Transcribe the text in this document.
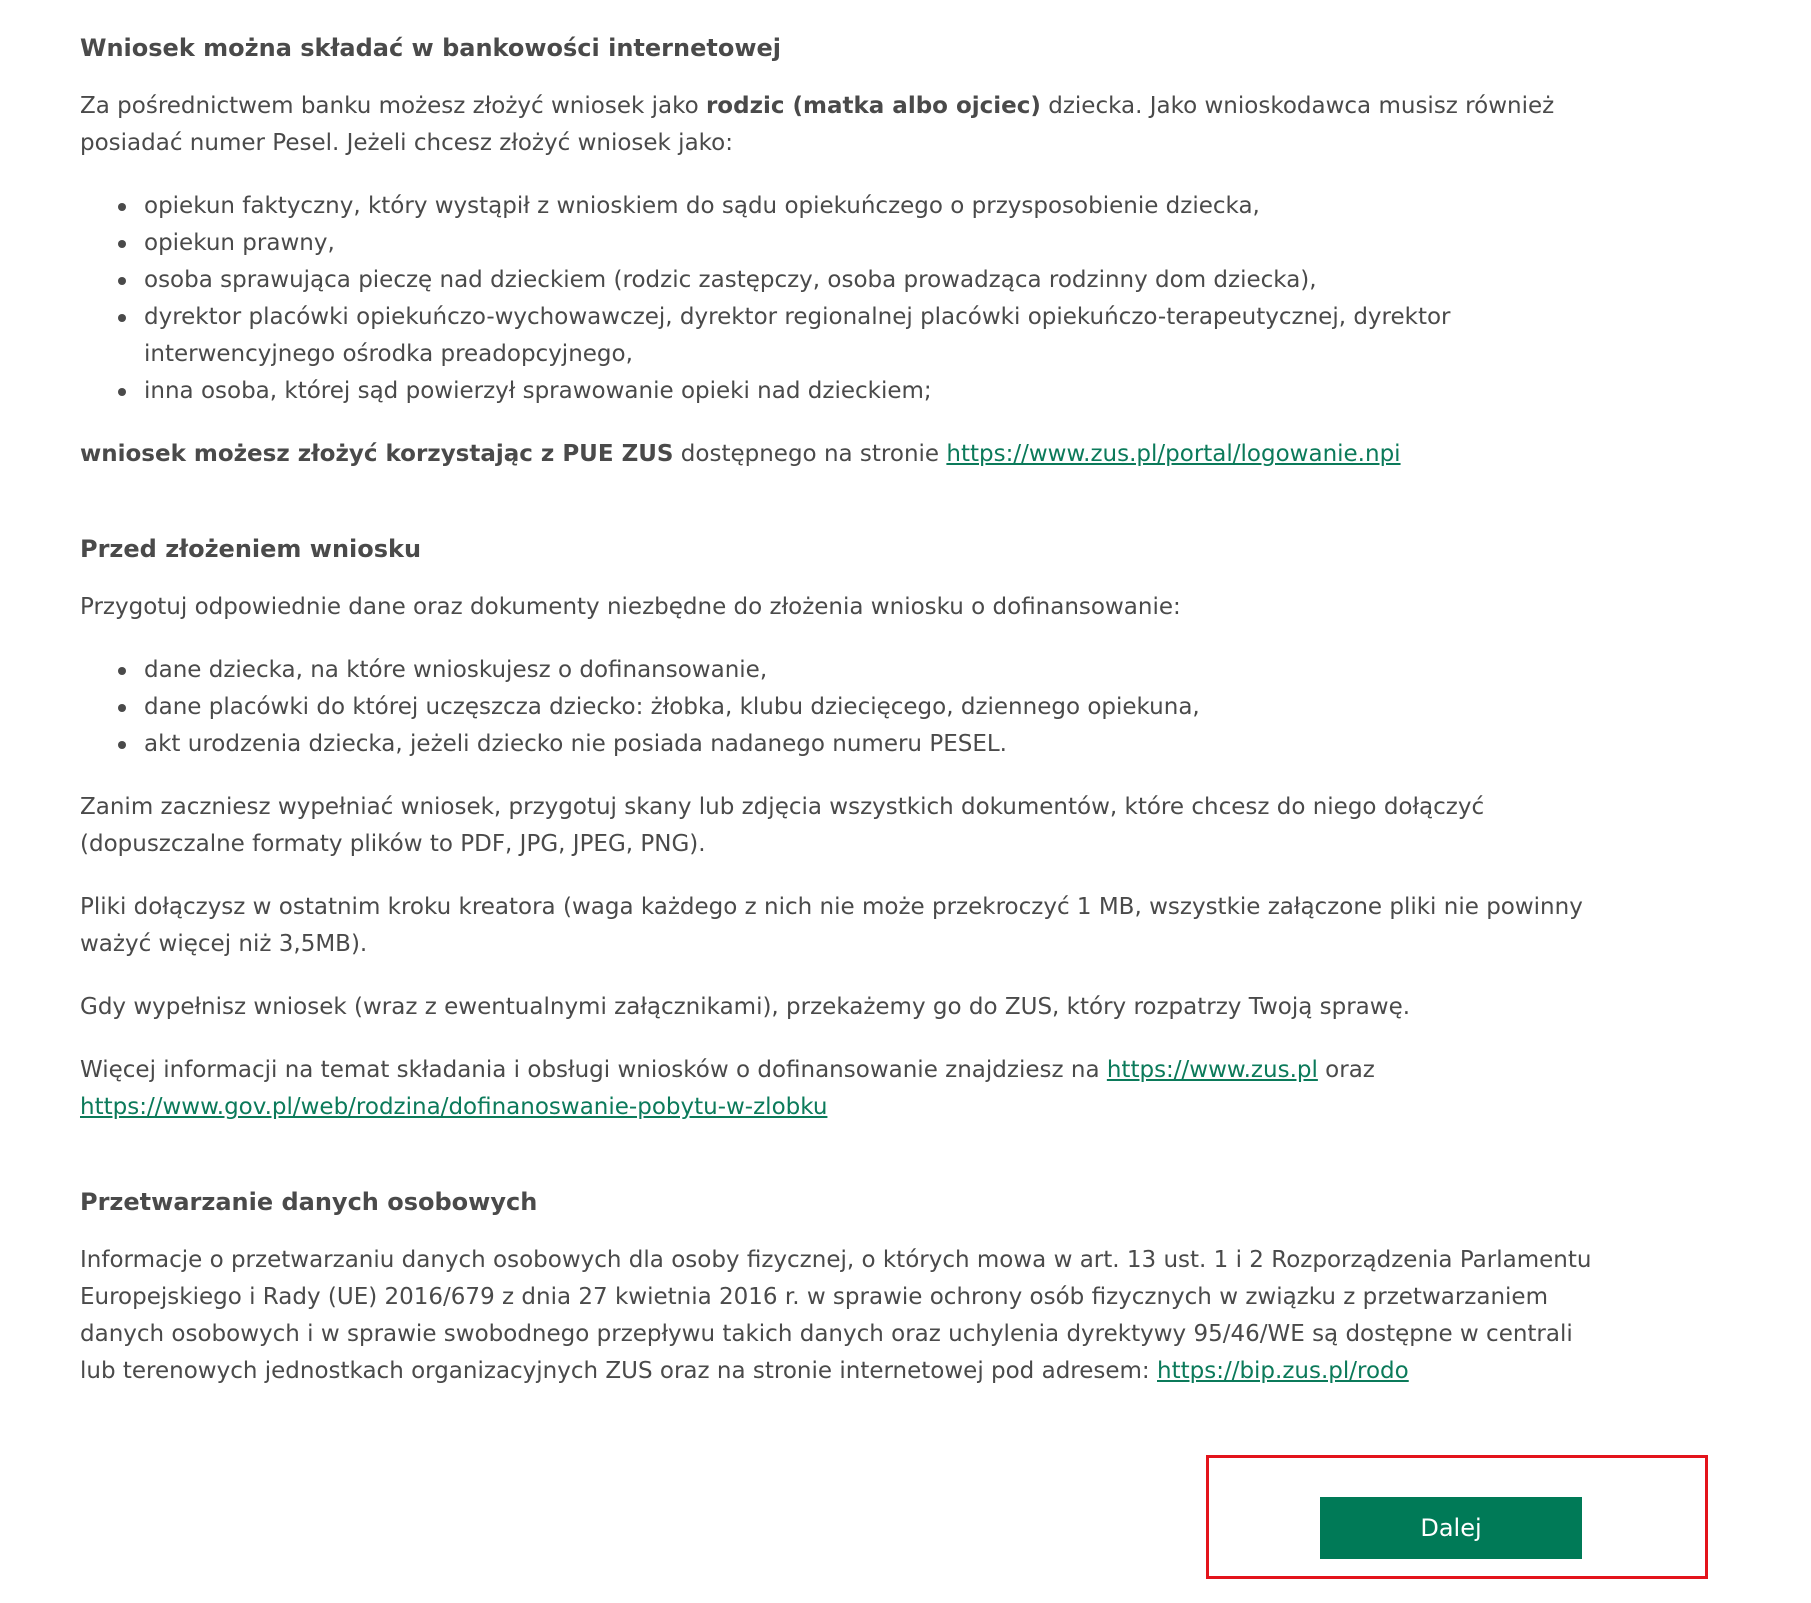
Wniosek można składać w bankowości internetowej

Za pośrednictwem banku możesz złożyć wniosek jako rodzic (matka albo ojciec) dziecka. Jako wnioskodawca musisz również posiadać numer Pesel. Jeżeli chcesz złożyć wniosek jako:

opiekun faktyczny, który wystąpił z wnioskiem do sądu opiekuńczego o przysposobienie dziecka,
opiekun prawny,
osoba sprawująca pieczę nad dzieckiem (rodzic zastępczy, osoba prowadząca rodzinny dom dziecka),
dyrektor placówki opiekuńczo-wychowawczej, dyrektor regionalnej placówki opiekuńczo-terapeutycznej, dyrektor interwencyjnego ośrodka preadopcyjnego,
inna osoba, której sąd powierzył sprawowanie opieki nad dzieckiem;

wniosek możesz złożyć korzystając z PUE ZUS dostępnego na stronie https://www.zus.pl/portal/logowanie.npi

Przed złożeniem wniosku

Przygotuj odpowiednie dane oraz dokumenty niezbędne do złożenia wniosku o dofinansowanie:

dane dziecka, na które wnioskujesz o dofinansowanie,
dane placówki do której uczęszcza dziecko: żłobka, klubu dziecięcego, dziennego opiekuna,
akt urodzenia dziecka, jeżeli dziecko nie posiada nadanego numeru PESEL.

Zanim zaczniesz wypełniać wniosek, przygotuj skany lub zdjęcia wszystkich dokumentów, które chcesz do niego dołączyć (dopuszczalne formaty plików to PDF, JPG, JPEG, PNG).

Pliki dołączysz w ostatnim kroku kreatora (waga każdego z nich nie może przekroczyć 1 MB, wszystkie załączone pliki nie powinny ważyć więcej niż 3,5MB).

Gdy wypełnisz wniosek (wraz z ewentualnymi załącznikami), przekażemy go do ZUS, który rozpatrzy Twoją sprawę.

Więcej informacji na temat składania i obsługi wniosków o dofinansowanie znajdziesz na https://www.zus.pl oraz
https://www.gov.pl/web/rodzina/dofinanoswanie-pobytu-w-zlobku

Przetwarzanie danych osobowych

Informacje o przetwarzaniu danych osobowych dla osoby fizycznej, o których mowa w art. 13 ust. 1 i 2 Rozporządzenia Parlamentu Europejskiego i Rady (UE) 2016/679 z dnia 27 kwietnia 2016 r. w sprawie ochrony osób fizycznych w związku z przetwarzaniem danych osobowych i w sprawie swobodnego przepływu takich danych oraz uchylenia dyrektywy 95/46/WE są dostępne w centrali lub terenowych jednostkach organizacyjnych ZUS oraz na stronie internetowej pod adresem: https://bip.zus.pl/rodo

Dalej
